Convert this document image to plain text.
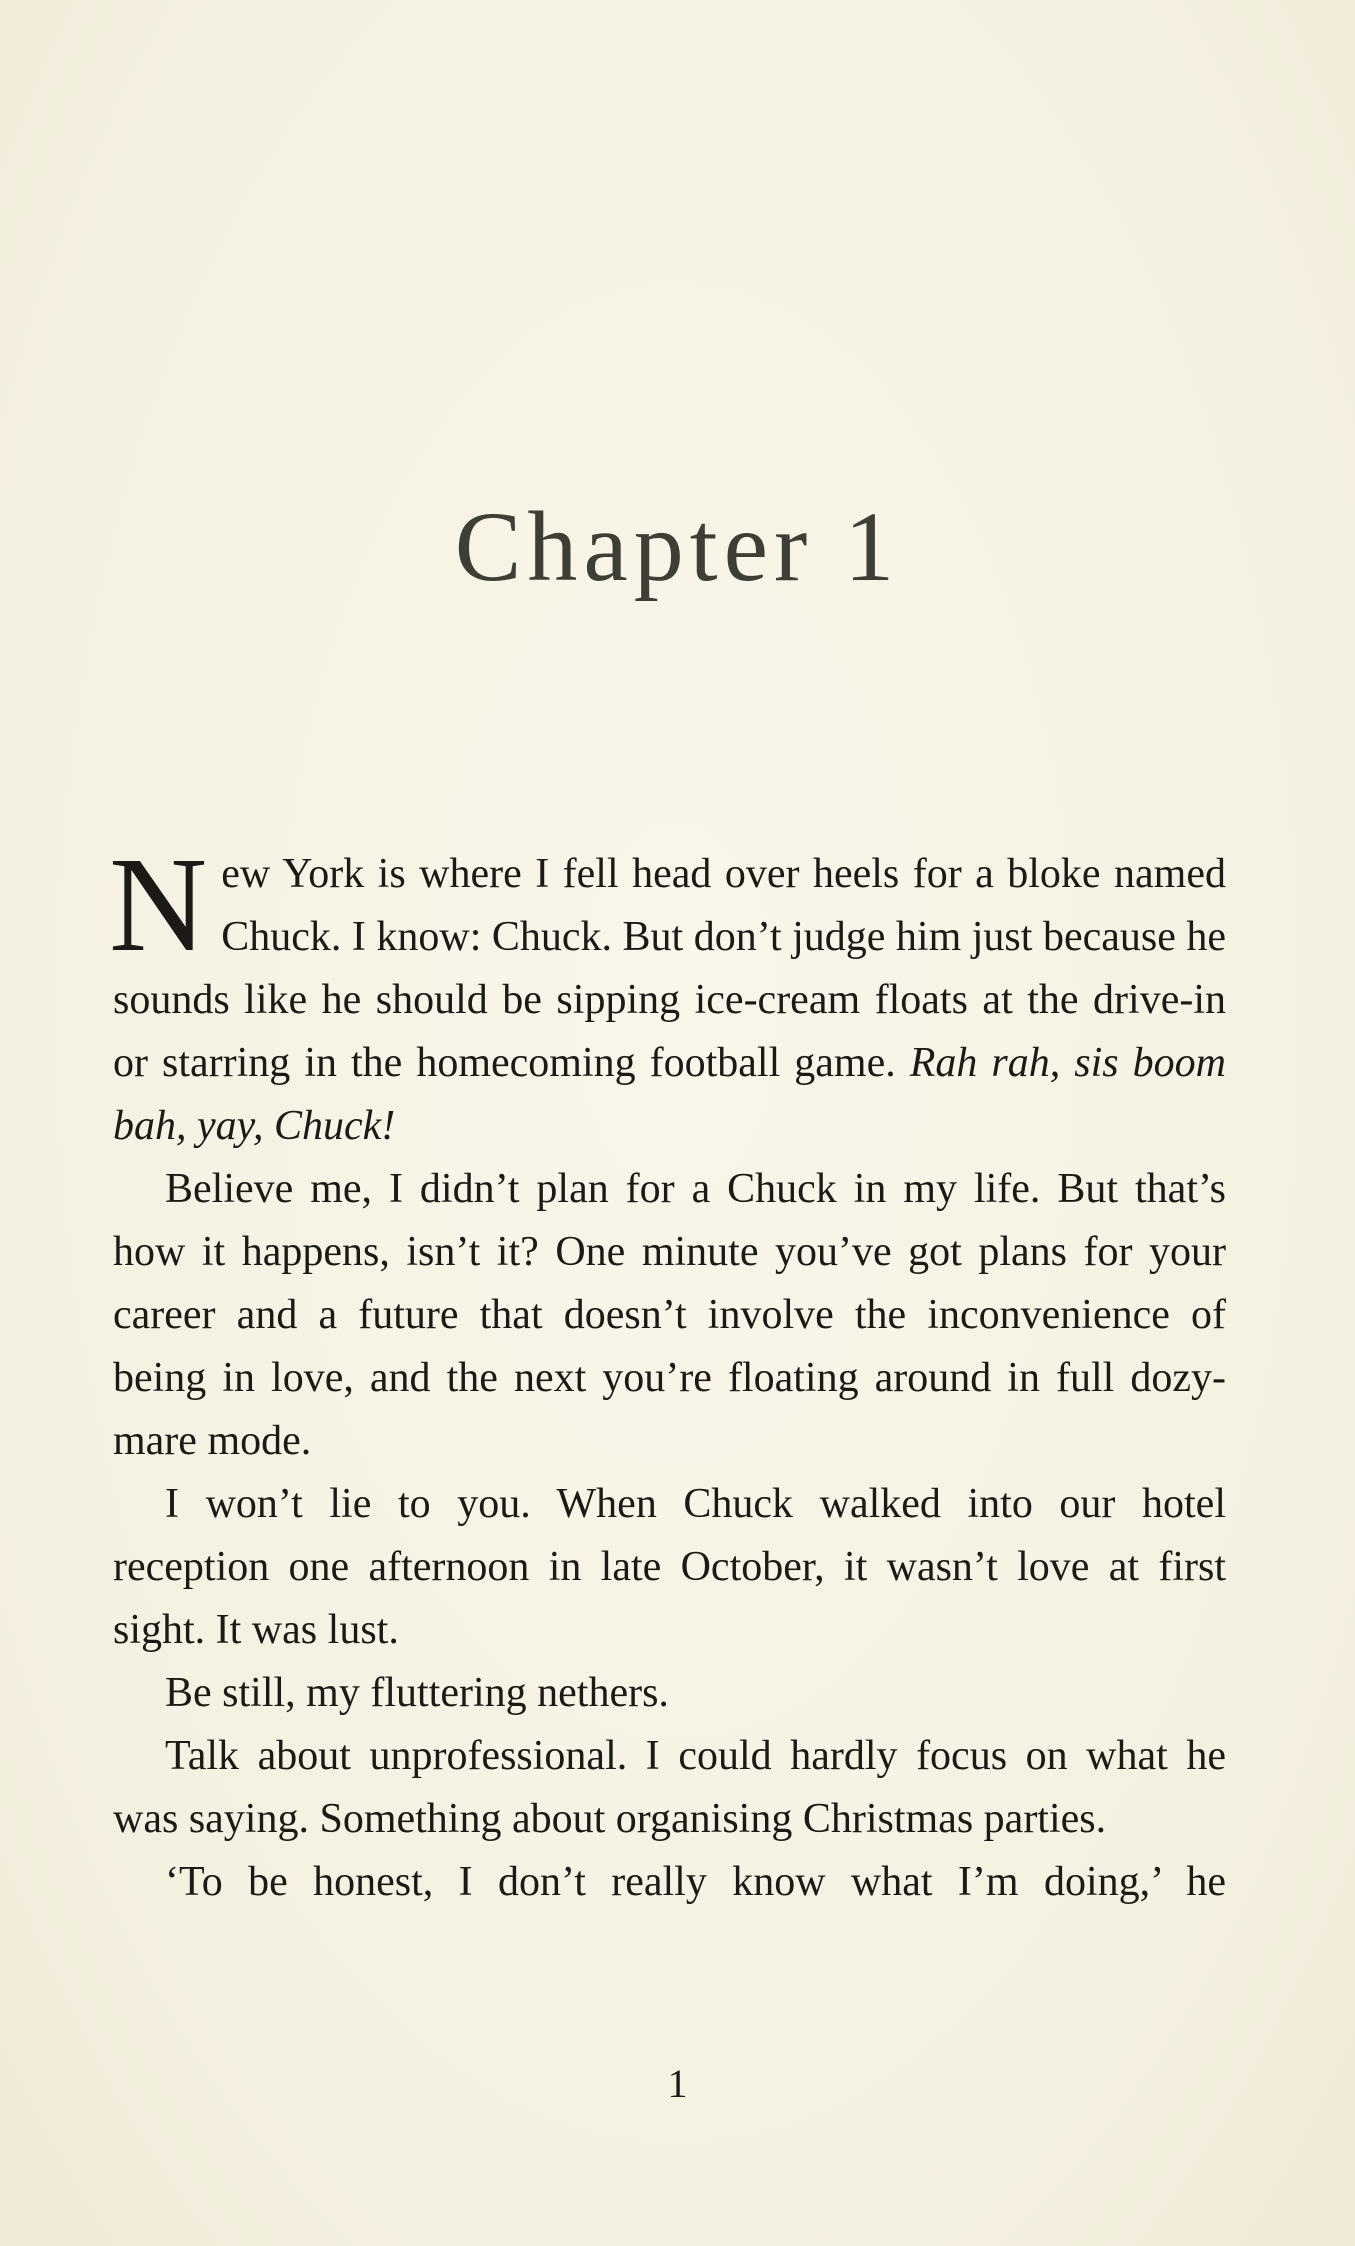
Chapter 1

New York is where I fell head over heels for a bloke named Chuck. I know: Chuck. But don’t judge him just because he sounds like he should be sipping ice-cream floats at the drive-in or starring in the homecoming football game. Rah rah, sis boom bah, yay, Chuck!

Believe me, I didn’t plan for a Chuck in my life. But that’s how it happens, isn’t it? One minute you’ve got plans for your career and a future that doesn’t involve the inconvenience of being in love, and the next you’re floating around in full dozy-mare mode.

I won’t lie to you. When Chuck walked into our hotel reception one afternoon in late October, it wasn’t love at first sight. It was lust.

Be still, my fluttering nethers.

Talk about unprofessional. I could hardly focus on what he was saying. Something about organising Christmas parties.

‘To be honest, I don’t really know what I’m doing,’ he

1
